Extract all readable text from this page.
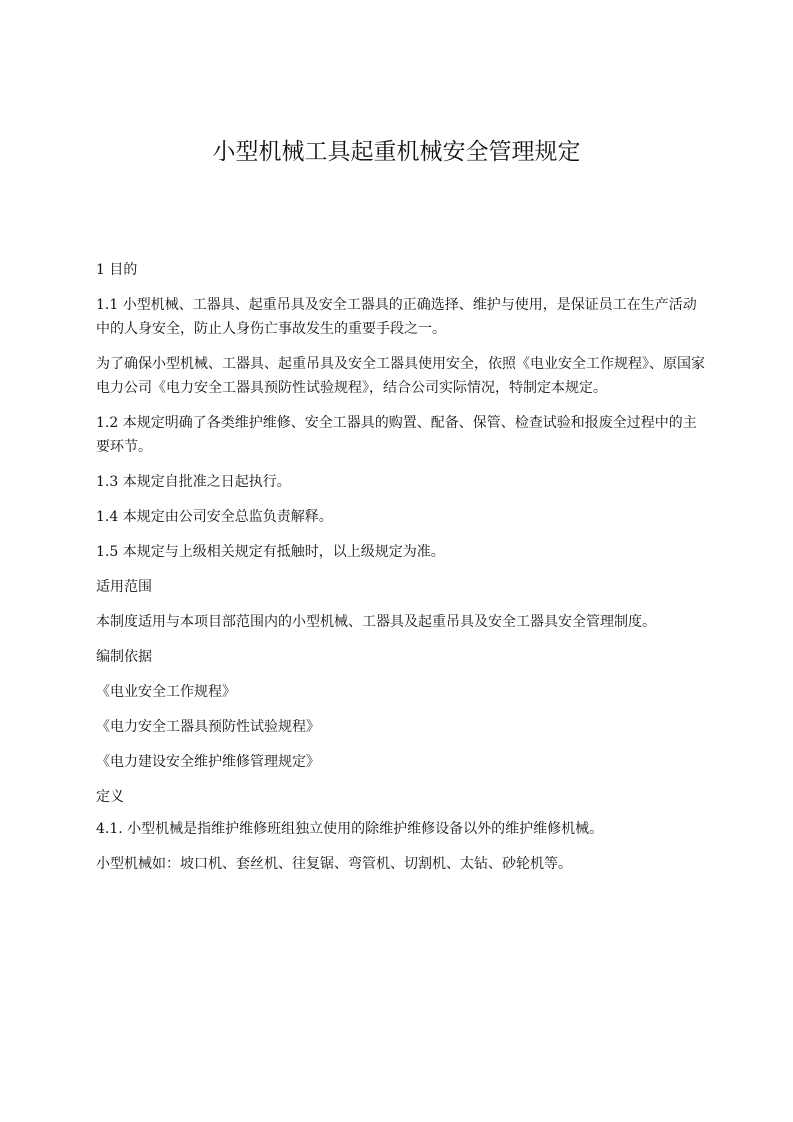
小型机械工具起重机械安全管理规定

1 目的

1.1 小型机械、工器具、起重吊具及安全工器具的正确选择、维护与使用，是保证员工在生产活动中的人身安全，防止人身伤亡事故发生的重要手段之一。

为了确保小型机械、工器具、起重吊具及安全工器具使用安全，依照《电业安全工作规程》、原国家电力公司《电力安全工器具预防性试验规程》，结合公司实际情况，特制定本规定。

1.2 本规定明确了各类维护维修、安全工器具的购置、配备、保管、检查试验和报废全过程中的主要环节。

1.3 本规定自批准之日起执行。

1.4 本规定由公司安全总监负责解释。

1.5 本规定与上级相关规定有抵触时，以上级规定为准。

适用范围

本制度适用与本项目部范围内的小型机械、工器具及起重吊具及安全工器具安全管理制度。

编制依据

《电业安全工作规程》

《电力安全工器具预防性试验规程》

《电力建设安全维护维修管理规定》

定义

4.1. 小型机械是指维护维修班组独立使用的除维护维修设备以外的维护维修机械。

小型机械如：坡口机、套丝机、往复锯、弯管机、切割机、太钻、砂轮机等。
